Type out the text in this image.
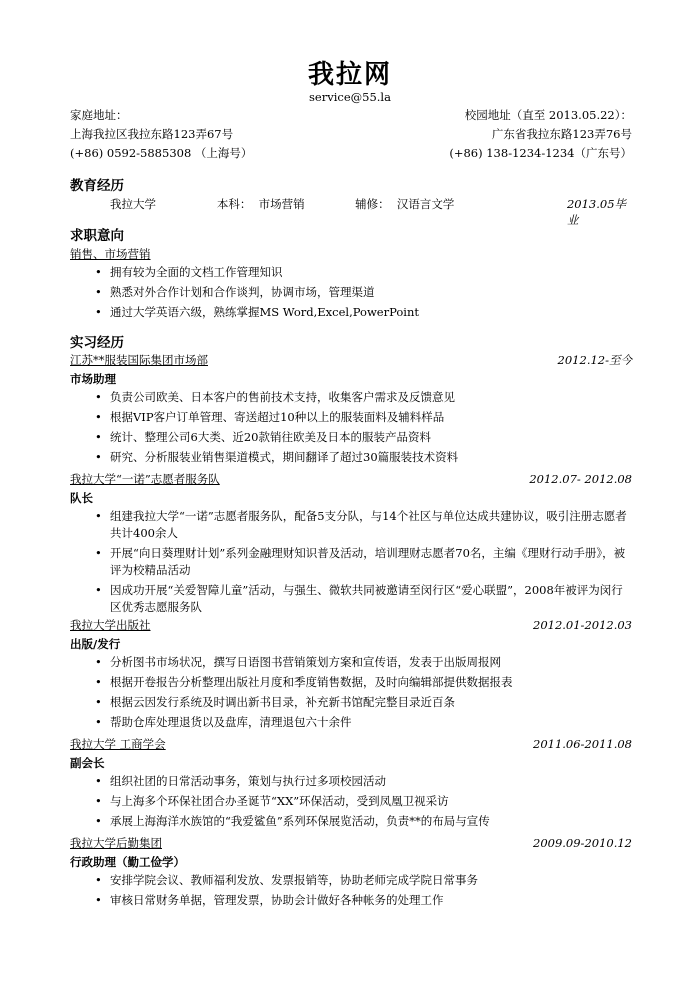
我拉网
service@55.la
家庭地址：	校园地址（直至 2013.05.22）：
上海我拉区我拉东路123弄67号	广东省我拉东路123弄76号
(+86) 0592-5885308 （上海号）	(+86) 138-1234-1234（广东号）
教育经历
我拉大学	本科：  市场营销	辅修：  汉语言文学	2013.05毕业
求职意向
销售、市场营销
• 拥有较为全面的文档工作管理知识
• 熟悉对外合作计划和合作谈判，协调市场，管理渠道
• 通过大学英语六级，熟练掌握MS Word,Excel,PowerPoint
实习经历
江苏**服装国际集团市场部	2012.12-至今
市场助理
• 负责公司欧美、日本客户的售前技术支持，收集客户需求及反馈意见
• 根据VIP客户订单管理、寄送超过10种以上的服装面料及辅料样品
• 统计、整理公司6大类、近20款销往欧美及日本的服装产品资料
• 研究、分析服装业销售渠道模式，期间翻译了超过30篇服装技术资料
我拉大学“一诺”志愿者服务队	2012.07- 2012.08
队长
• 组建我拉大学“一诺”志愿者服务队，配备5支分队，与14个社区与单位达成共建协议，吸引注册志愿者共计400余人
• 开展“向日葵理财计划”系列金融理财知识普及活动，培训理财志愿者70名，主编《理财行动手册》，被评为校精品活动
• 因成功开展“关爱智障儿童”活动，与强生、微软共同被邀请至闵行区“爱心联盟”，2008年被评为闵行区优秀志愿服务队
我拉大学出版社	2012.01-2012.03
出版/发行
• 分析图书市场状况，撰写日语图书营销策划方案和宣传语，发表于出版周报网
• 根据开卷报告分析整理出版社月度和季度销售数据，及时向编辑部提供数据报表
• 根据云因发行系统及时调出新书目录，补充新书馆配完整目录近百条
• 帮助仓库处理退货以及盘库，清理退包六十余件
我拉大学 工商学会	2011.06-2011.08
副会长
• 组织社团的日常活动事务，策划与执行过多项校园活动
• 与上海多个环保社团合办圣诞节“XX”环保活动，受到凤凰卫视采访
• 承展上海海洋水族馆的“我爱鲨鱼”系列环保展览活动，负责**的布局与宣传
我拉大学后勤集团	2009.09-2010.12
行政助理（勤工俭学）
• 安排学院会议、教师福利发放、发票报销等，协助老师完成学院日常事务
• 审核日常财务单据，管理发票，协助会计做好各种帐务的处理工作
